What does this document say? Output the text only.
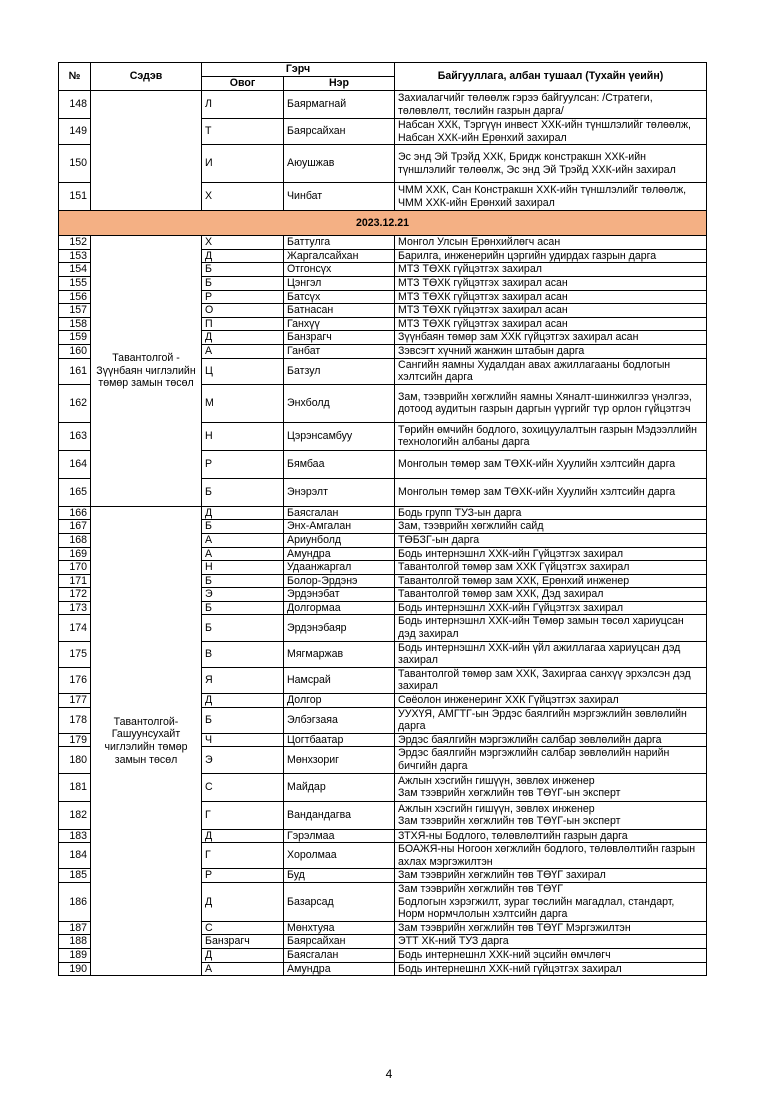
№	Сэдэв	Гэрч		Байгууллага, албан тушаал (Тухайн үеийн)
		Овог	Нэр	
148		Л	Баярмагнай	Захиалагчийг төлөөлж гэрээ байгуулсан: /Стратеги, төлөвлөлт, төслийн газрын дарга/
149		Т	Баярсайхан	Набсан ХХК, Тэргүүн инвест ХХК-ийн түншлэлийг төлөөлж, Набсан ХХК-ийн Ерөнхий захирал
150		И	Аюушжав	Эс энд Эй Трэйд ХХК, Бридж констракшн ХХК-ийн түншлэлийг төлөөлж, Эс энд Эй Трэйд ХХК-ийн захирал
151		Х	Чинбат	ЧММ ХХК, Сан Констракшн ХХК-ийн түншлэлийг төлөөлж, ЧММ ХХК-ийн Ерөнхий захирал
2023.12.21				
152	Тавантолгой - Зүүнбаян чиглэлийн төмөр замын төсөл	Х	Баттулга	Монгол Улсын Ерөнхийлөгч асан
153		Д	Жаргалсайхан	Барилга, инженерийн цэргийн удирдах газрын дарга
154		Б	Отгонсүх	МТЗ ТӨХК гүйцэтгэх захирал
155		Б	Цэнгэл	МТЗ ТӨХК гүйцэтгэх захирал асан
156		Р	Батсүх	МТЗ ТӨХК гүйцэтгэх захирал асан
157		О	Батнасан	МТЗ ТӨХК гүйцэтгэх захирал асан
158		П	Ганхүү	МТЗ ТӨХК гүйцэтгэх захирал асан
159		Д	Банзрагч	Зүүнбаян төмөр зам ХХК гүйцэтгэх захирал асан
160		А	Ганбат	Зэвсэгт хүчний жанжин штабын дарга
161		Ц	Батзул	Сангийн яамны Худалдан авах ажиллагааны бодлогын хэлтсийн дарга
162		М	Энхболд	Зам, тээврийн хөгжлийн яамны Хяналт-шинжилгээ үнэлгээ, дотоод аудитын газрын даргын үүргийг түр орлон гүйцэтгэч
163		Н	Цэрэнсамбуу	Төрийн өмчийн бодлого, зохицуулалтын газрын Мэдээллийн технологийн албаны дарга
164		Р	Бямбаа	Монголын төмөр зам ТӨХК-ийн Хуулийн хэлтсийн дарга
165		Б	Энэрэлт	Монголын төмөр зам ТӨХК-ийн Хуулийн хэлтсийн дарга
166	Тавантолгой-Гашуунсухайт чиглэлийн төмөр замын төсөл	Д	Баясгалан	Бодь групп ТУЗ-ын дарга
167		Б	Энх-Амгалан	Зам, тээврийн хөгжлийн сайд
168		А	Ариунболд	ТӨБЗГ-ын дарга
169		А	Амундра	Бодь интернэшнл ХХК-ийн Гүйцэтгэх захирал
170		Н	Удаанжаргал	Тавантолгой төмөр зам ХХК Гүйцэтгэх захирал
171		Б	Болор-Эрдэнэ	Тавантолгой төмөр зам ХХК, Ерөнхий инженер
172		Э	Эрдэнэбат	Тавантолгой төмөр зам ХХК, Дэд захирал
173		Б	Долгормаа	Бодь интернэшнл ХХК-ийн Гүйцэтгэх захирал
174		Б	Эрдэнэбаяр	Бодь интернэшнл ХХК-ийн Төмөр замын төсөл хариуцсан дэд захирал
175		В	Мягмаржав	Бодь интернэшнл ХХК-ийн үйл ажиллагаа хариуцсан дэд захирал
176		Я	Намсрай	Тавантолгой төмөр зам ХХК, Захиргаа санхүү эрхэлсэн дэд захирал
177		Д	Долгор	Сөёолон инженеринг ХХК Гүйцэтгэх захирал
178		Б	Элбэгзаяа	УУХҮЯ, АМГТГ-ын Эрдэс баялгийн мэргэжлийн зөвлөлийн дарга
179		Ч	Цогтбаатар	Эрдэс баялгийн мэргэжлийн салбар зөвлөлийн дарга
180		Э	Мөнхзориг	Эрдэс баялгийн мэргэжлийн салбар зөвлөлийн нарийн бичгийн дарга
181		С	Майдар	Ажлын хэсгийн гишүүн, зөвлөх инженер
Зам тээврийн хөгжлийн төв ТӨҮГ-ын эксперт
182		Г	Вандандагва	Ажлын хэсгийн гишүүн, зөвлөх инженер
Зам тээврийн хөгжлийн төв ТӨҮГ-ын эксперт
183		Д	Гэрэлмаа	ЗТХЯ-ны Бодлого, төлөвлөлтийн газрын дарга
184		Г	Хоролмаа	БОАЖЯ-ны Ногоон хөгжлийн бодлого, төлөвлөлтийн газрын ахлах мэргэжилтэн
185		Р	Буд	Зам тээврийн хөгжлийн төв ТӨҮГ захирал
186		Д	Базарсад	Зам тээврийн хөгжлийн төв ТӨҮГ
Бодлогын хэрэгжилт, зураг төслийн магадлал, стандарт, Норм нормчлолын хэлтсийн дарга
187		С	Мөнхтуяа	Зам тээврийн хөгжлийн төв ТӨҮГ Мэргэжилтэн
188		Банзрагч	Баярсайхан	ЭТТ ХК-ний ТУЗ дарга
189		Д	Баясгалан	Бодь интернешнл ХХК-ний эцсийн өмчлөгч
190		А	Амундра	Бодь интернешнл ХХК-ний гүйцэтгэх захирал
4
